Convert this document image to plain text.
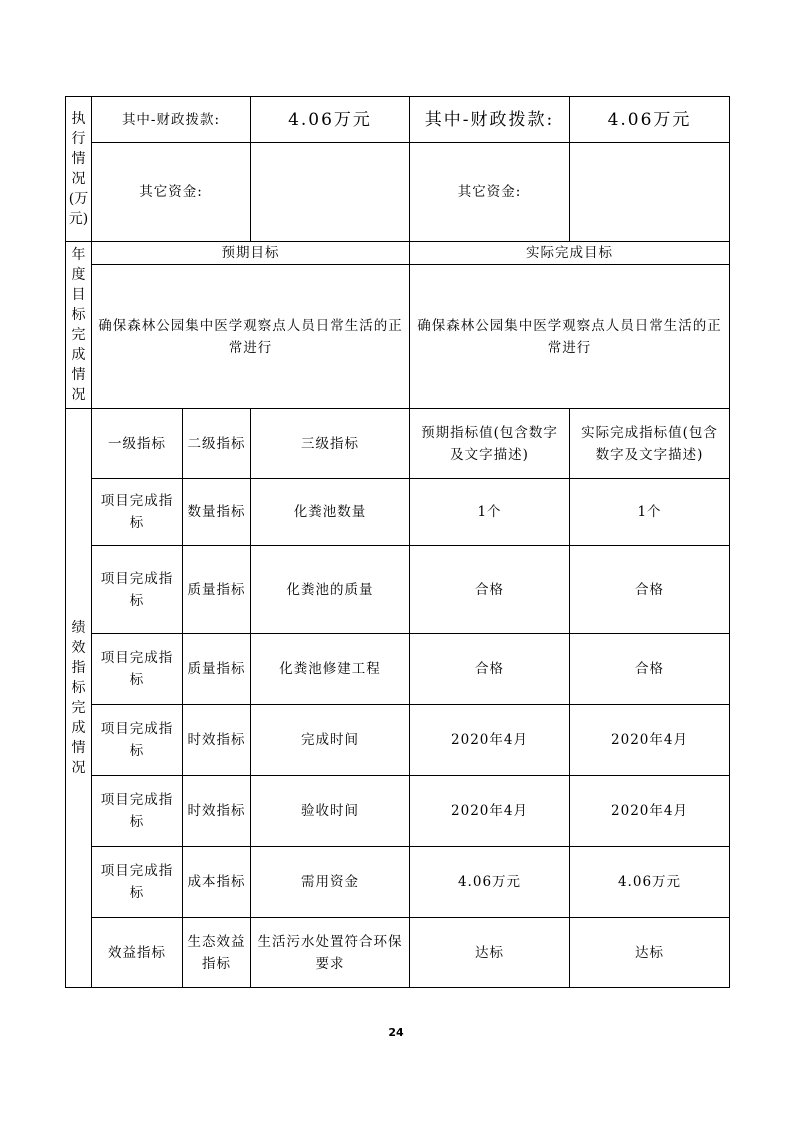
执行情况(万元)	其中-财政拨款:		4.06万元	其中-财政拨款:	4.06万元
	其它资金:			其它资金:	

年度目标完成情况	预期目标			实际完成目标	
	确保森林公园集中医学观察点人员日常生活的正常进行			确保森林公园集中医学观察点人员日常生活的正常进行	

绩效指标完成情况	一级指标	二级指标	三级指标	预期指标值(包含数字及文字描述)	实际完成指标值(包含数字及文字描述)
	项目完成指标	数量指标	化粪池数量	1个	1个
	项目完成指标	质量指标	化粪池的质量	合格	合格
	项目完成指标	质量指标	化粪池修建工程	合格	合格
	项目完成指标	时效指标	完成时间	2020年4月	2020年4月
	项目完成指标	时效指标	验收时间	2020年4月	2020年4月
	项目完成指标	成本指标	需用资金	4.06万元	4.06万元
	效益指标	生态效益指标	生活污水处置符合环保要求	达标	达标
24
